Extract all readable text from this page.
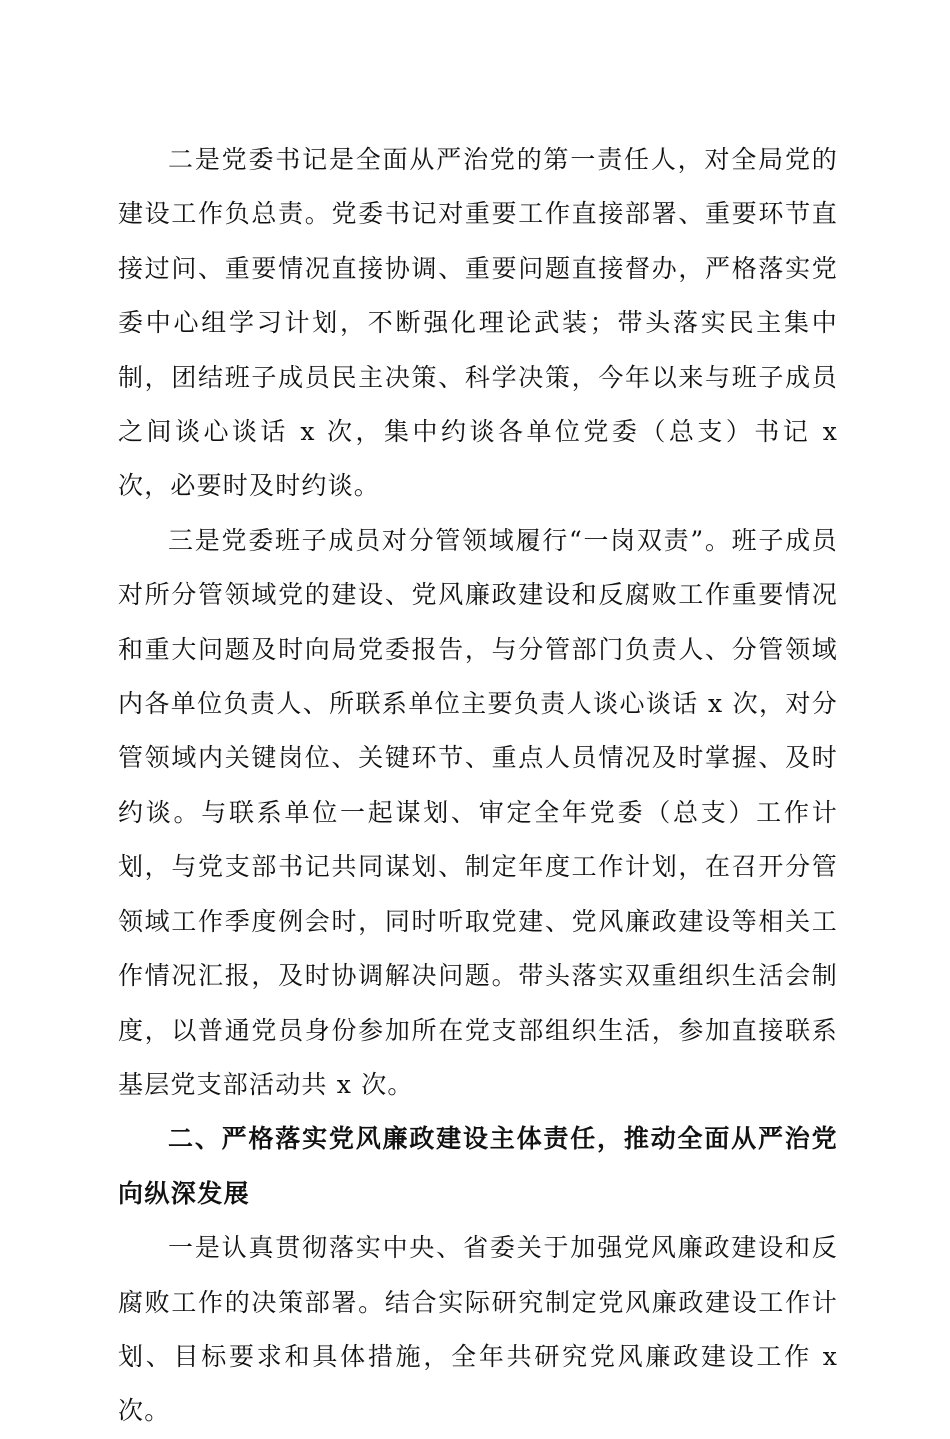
二是党委书记是全面从严治党的第一责任人，对全局党的建设工作负总责。党委书记对重要工作直接部署、重要环节直接过问、重要情况直接协调、重要问题直接督办，严格落实党委中心组学习计划，不断强化理论武装；带头落实民主集中制，团结班子成员民主决策、科学决策，今年以来与班子成员之间谈心谈话 x 次，集中约谈各单位党委（总支）书记 x 次，必要时及时约谈。

三是党委班子成员对分管领域履行“一岗双责”。班子成员对所分管领域党的建设、党风廉政建设和反腐败工作重要情况和重大问题及时向局党委报告，与分管部门负责人、分管领域内各单位负责人、所联系单位主要负责人谈心谈话 x 次，对分管领域内关键岗位、关键环节、重点人员情况及时掌握、及时约谈。与联系单位一起谋划、审定全年党委（总支）工作计划，与党支部书记共同谋划、制定年度工作计划，在召开分管领域工作季度例会时，同时听取党建、党风廉政建设等相关工作情况汇报，及时协调解决问题。带头落实双重组织生活会制度，以普通党员身份参加所在党支部组织生活，参加直接联系基层党支部活动共 x 次。

二、严格落实党风廉政建设主体责任，推动全面从严治党向纵深发展

一是认真贯彻落实中央、省委关于加强党风廉政建设和反腐败工作的决策部署。结合实际研究制定党风廉政建设工作计划、目标要求和具体措施，全年共研究党风廉政建设工作 x 次。
